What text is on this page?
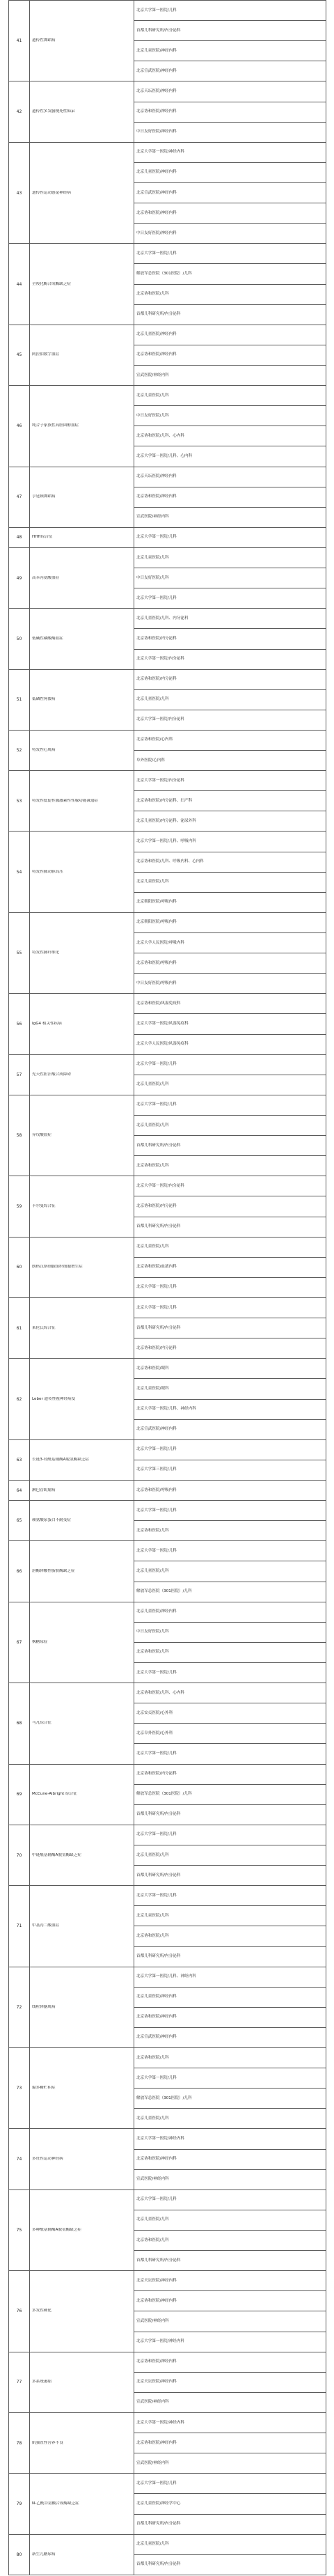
41	遗传性舞蹈病	北京大学第一医院/儿科
		首都儿科研究所/内分泌科
		北京儿童医院/神经内科
		北京宣武医院/神经内科
42	遗传性多发脑梗死性痴呆	北京天坛医院/神经内科
		北京协和医院/神经内科
		中日友好医院/神经内科
43	遗传性运动感觉神经病	北京大学第一医院/神经内科
		北京儿童医院/神经内科
		北京宣武医院/神经内科
		北京协和医院/神经内科
		中日友好医院/神经内科
44	全羧化酶合成酶缺乏症	北京大学第一医院/儿科
		解放军总医院（301医院）/儿科
		北京协和医院/儿科
		首都儿科研究所/内分泌科
45	阿拉伯数字血症	北京儿童医院/神经内科
		北京协和医院/神经内科
		宣武医院/神经内科
46	纯合子家族性高胆固醇血症	北京儿童医院/儿科
		中日友好医院/儿科
		北京协和医院/儿科、心内科
		北京大学第一医院/儿科、心内科
47	亨廷顿舞蹈病	北京天坛医院/神经内科
		北京协和医院/神经内科
		宣武医院/神经内科
48	HHH综合征	北京大学第一医院/儿科
49	高苯丙氨酸血症	北京儿童医院/儿科
		中日友好医院/儿科
		北京大学第一医院/儿科
50	低碱性磷酸酶血症	北京儿童医院/儿科、内分泌科
		北京协和医院/内分泌科
		北京大学第一医院/内分泌科
51	低磷性佝偻病	北京协和医院/内分泌科
		北京儿童医院/儿科
		北京大学第一医院/内分泌科
52	特发性心肌病	北京协和医院/心内科
		阜外医院/心内科
53	特发性低促性腺激素性性腺功能减退症	北京大学第一医院/内分泌科
		北京协和医院/内分泌科、妇产科
		北京儿童医院/内分泌科、泌尿外科
54	特发性肺动脉高压	北京大学第一医院/儿科、呼吸内科
		北京协和医院/儿科、呼吸内科、心内科
		北京儿童医院/儿科
		北京朝阳医院/呼吸内科
55	特发性肺纤维化	北京朝阳医院/呼吸内科
		北京大学人民医院/呼吸内科
		北京协和医院/呼吸内科
		中日友好医院/呼吸内科
56	IgG4 相关性疾病	北京协和医院/风湿免疫科
		北京大学第一医院/风湿免疫科
		北京大学人民医院/风湿免疫科
57	先天性胆汁酸合成障碍	北京大学第一医院/儿科
		北京儿童医院/儿科
58	异戊酸血症	北京大学第一医院/儿科
		北京儿童医院/儿科
		首都儿科研究所/内分泌科
		北京协和医院/儿科
59	卡尔曼综合征	北京大学第一医院/内分泌科
		北京协和医院/内分泌科
		首都儿科研究所/内分泌科
60	朗格汉斯细胞组织细胞增生症	北京儿童医院/儿科
		北京协和医院/血液内科
		北京大学第一医院/儿科
61	莱伦氏综合征	北京大学第一医院/儿科
		首都儿科研究所/内分泌科
		北京协和医院/内分泌科
62	Leber 遗传性视神经病变	北京协和医院/眼科
		北京儿童医院/眼科
		北京大学第一医院/儿科、神经内科
		北京宣武医院/神经内科
63	长链3-羟酰基辅酶A脱氢酶缺乏症	北京大学第一医院/儿科
		北京大学第三医院/儿科
64	淋巴管肌瘤病	北京协和医院/呼吸内科
65	赖氨酸尿蛋白不耐受症	北京大学第一医院/儿科
		北京协和医院/儿科
66	溶酶体酸性脂肪酶缺乏症	北京大学第一医院/儿科
		北京儿童医院/儿科
		解放军总医院（301医院）/儿科
67	枫糖尿症	北京儿童医院/神经内科
		中日友好医院/儿科
		北京协和医院/儿科
		北京大学第一医院/儿科
68	马凡综合征	北京协和医院/儿科、心内科
		北京安贞医院/心外科
		北京阜外医院/心外科
		北京大学第一医院/儿科
69	McCune-Albright 综合征	北京协和医院/内分泌科
		解放军总医院（301医院）/儿科
		首都儿科研究所/内分泌科
70	中链酰基辅酶A脱氢酶缺乏症	北京大学第一医院/儿科
		北京儿童医院/儿科
		首都儿科研究所/内分泌科
71	甲基丙二酸血症	北京大学第一医院/儿科
		北京儿童医院/儿科
		北京协和医院/儿科
		首都儿科研究所/内分泌科
72	线粒体脑肌病	北京大学第一医院/儿科、神经内科
		北京儿童医院/神经内科
		北京协和医院/神经内科
		北京宣武医院/神经内科
73	黏多糖贮积症	北京协和医院/儿科
		北京大学第一医院/儿科
		解放军总医院（301医院）/儿科
		北京儿童医院/儿科
74	多灶性运动神经病	北京大学第一医院/神经内科
		北京协和医院/神经内科
		宣武医院/神经内科
75	多种酰基辅酶A脱氢酶缺乏症	北京大学第一医院/儿科
		北京儿童医院/儿科
		北京协和医院/儿科
		首都儿科研究所/内分泌科
76	多发性硬化	北京天坛医院/神经内科
		北京协和医院/神经内科
		宣武医院/神经内科
		北京大学第一医院/神经内科
77	多系统萎缩	北京协和医院/神经内科
		北京天坛医院/神经内科
		宣武医院/神经内科
78	肌强直性营养不良	北京大学第一医院/神经内科
		北京协和医院/神经内科
		宣武医院/神经内科
79	N-乙酰谷氨酸合成酶缺乏症	北京大学第一医院/儿科
		北京儿童医院/神经学中心
		首都儿科研究所/内分泌科
80	新生儿糖尿病	北京儿童医院/儿科
		首都儿科研究所/内分泌科
